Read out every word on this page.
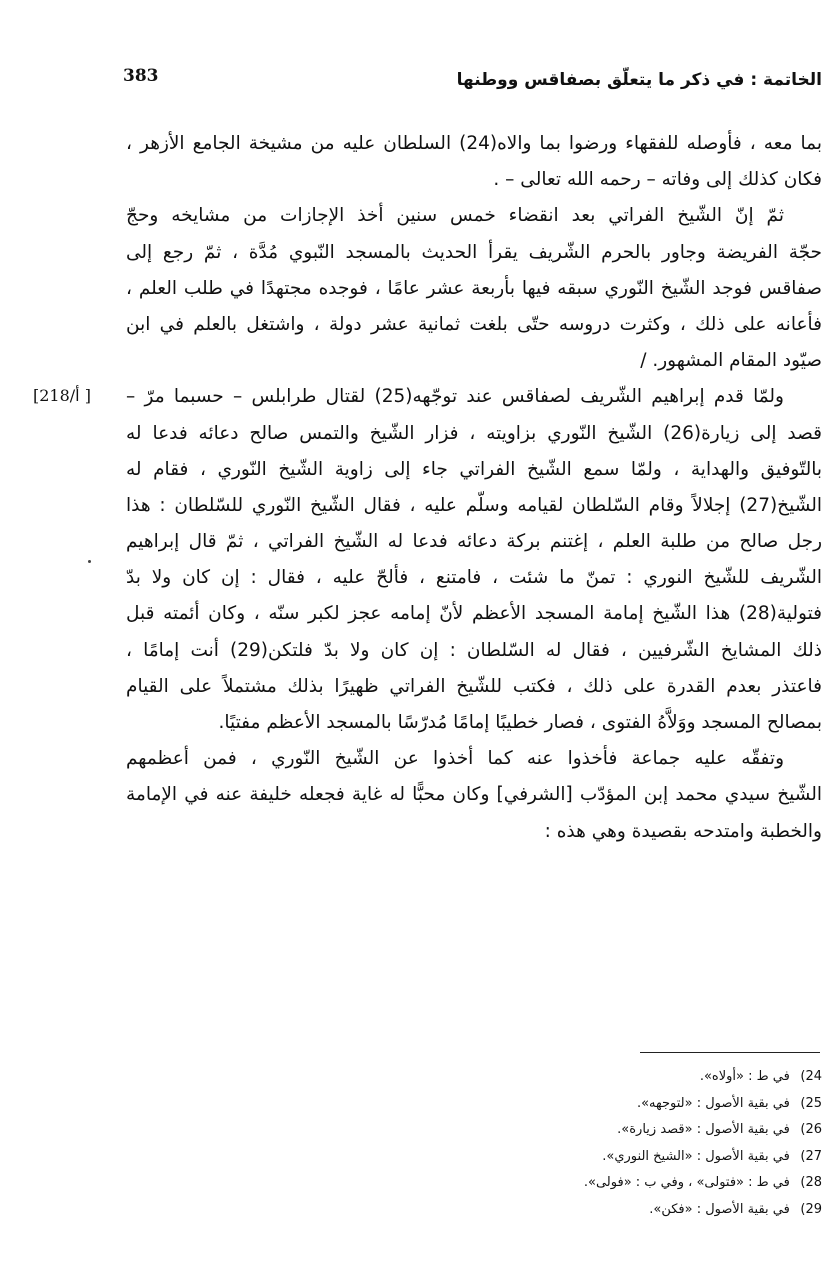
383	الخاتمة : في ذكر ما يتعلّق بصفاقس ووطنها
[218/أ ]
بما معه ، فأوصله للفقهاء ورضوا بما والاه(24) السلطان عليه من مشيخة الجامع الأزهر ،
فكان كذلك إلى وفاته – رحمه الله تعالى – .
ثمّ إنّ الشّيخ الفراتي بعد انقضاء خمس سنين أخذ الإجازات من مشايخه وحجّ
حجّة الفريضة وجاور بالحرم الشّريف يقرأ الحديث بالمسجد النّبوي مُدَّة ، ثمّ رجع إلى
صفاقس فوجد الشّيخ النّوري سبقه فيها بأربعة عشر عامًا ، فوجده مجتهدًا في طلب العلم ،
فأعانه على ذلك ، وكثرت دروسه حتّى بلغت ثمانية عشر دولة ، واشتغل بالعلم في ابن
صيّود المقام المشهور. /
ولمّا قدم إبراهيم الشّريف لصفاقس عند توجّهه(25) لقتال طرابلس – حسبما مرّ –
قصد إلى زيارة(26) الشّيخ النّوري بزاويته ، فزار الشّيخ والتمس صالح دعائه فدعا له
بالتّوفيق والهداية ، ولمّا سمع الشّيخ الفراتي جاء إلى زاوية الشّيخ النّوري ، فقام له
الشّيخ(27) إجلالاً وقام السّلطان لقيامه وسلّم عليه ، فقال الشّيخ النّوري للسّلطان : هذا
رجل صالح من طلبة العلم ، إغتنم بركة دعائه فدعا له الشّيخ الفراتي ، ثمّ قال إبراهيم
الشّريف للشّيخ النوري : تمنّ ما شئت ، فامتنع ، فألحّ عليه ، فقال : إن كان ولا بدّ
فتولية(28) هذا الشّيخ إمامة المسجد الأعظم لأنّ إمامه عجز لكبر سنّه ، وكان أئمته قبل
ذلك المشايخ الشّرفيين ، فقال له السّلطان : إن كان ولا بدّ فلتكن(29) أنت إمامًا ،
فاعتذر بعدم القدرة على ذلك ، فكتب للشّيخ الفراتي ظهيرًا بذلك مشتملاً على القيام
بمصالح المسجد ووَلاَّهُ الفتوى ، فصار خطيبًا إمامًا مُدرّسًا بالمسجد الأعظم مفتيًا.
وتفقّه عليه جماعة فأخذوا عنه كما أخذوا عن الشّيخ النّوري ، فمن أعظمهم
الشّيخ سيدي محمد إبن المؤدّب [الشرفي] وكان محبًّا له غاية فجعله خليفة عنه في الإمامة
والخطبة وامتدحه بقصيدة وهي هذه :
24) في ط : «أولاه».
25) في بقية الأصول : «لتوجهه».
26) في بقية الأصول : «قصد زيارة».
27) في بقية الأصول : «الشيخ النوري».
28) في ط : «فتولى» ، وفي ب : «فولى».
29) في بقية الأصول : «فكن».
